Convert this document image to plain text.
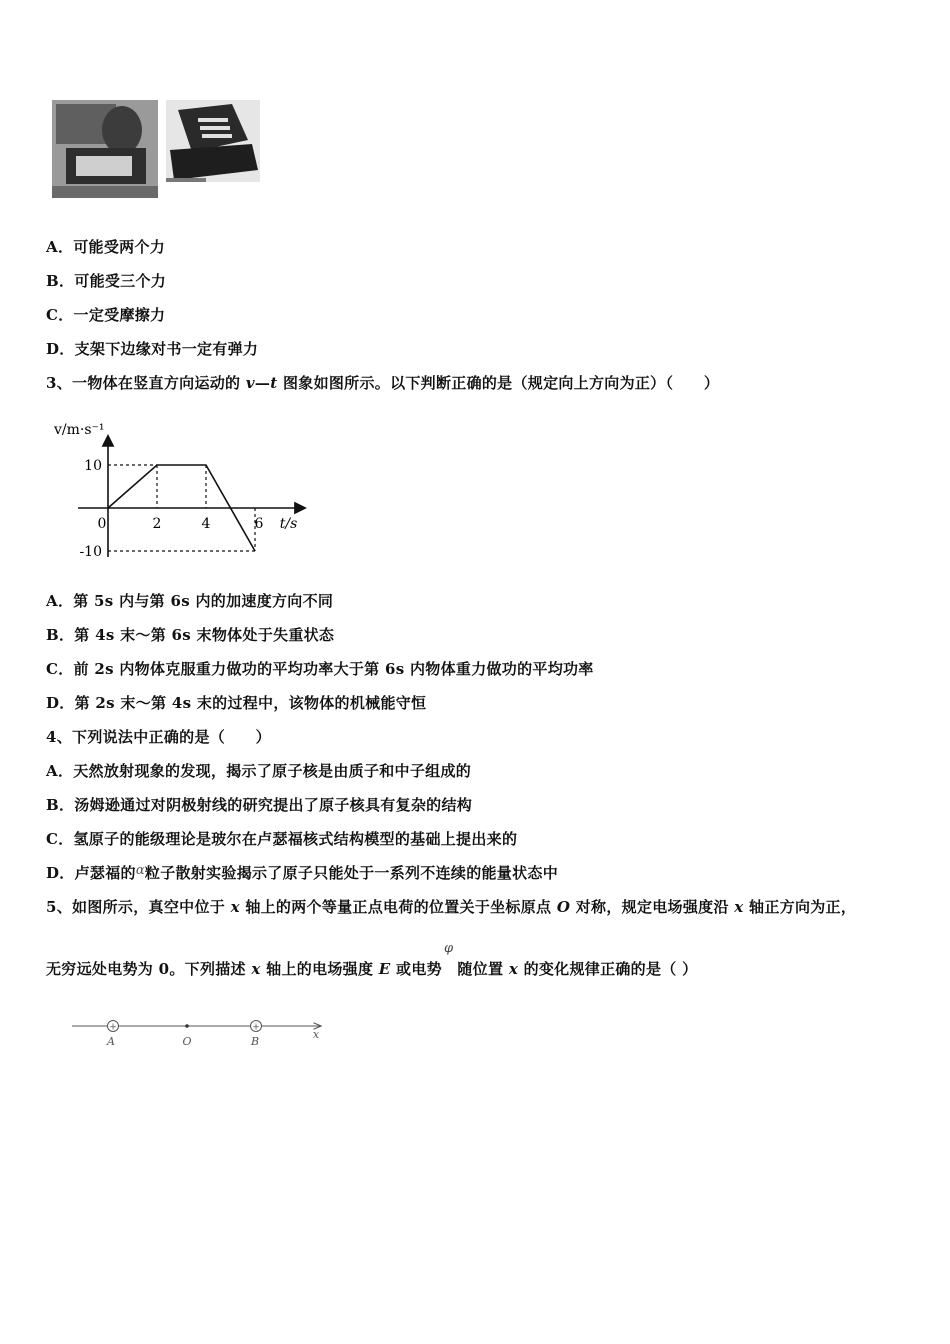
A．可能受两个力
B．可能受三个力
C．一定受摩擦力
D．支架下边缘对书一定有弹力
3、一物体在竖直方向运动的 v—t 图象如图所示。以下判断正确的是（规定向上方向为正）（　　）
v/m·s⁻¹
t/s
0	2	4	6
10
-10
A．第 5s 内与第 6s 内的加速度方向不同
B．第 4s 末～第 6s 末物体处于失重状态
C．前 2s 内物体克服重力做功的平均功率大于第 6s 内物体重力做功的平均功率
D．第 2s 末～第 4s 末的过程中，该物体的机械能守恒
4、下列说法中正确的是（　　）
A．天然放射现象的发现，揭示了原子核是由质子和中子组成的
B．汤姆逊通过对阴极射线的研究提出了原子核具有复杂的结构
C．氢原子的能级理论是玻尔在卢瑟福核式结构模型的基础上提出来的
D．卢瑟福的α粒子散射实验揭示了原子只能处于一系列不连续的能量状态中
5、如图所示，真空中位于 x 轴上的两个等量正点电荷的位置关于坐标原点 O 对称，规定电场强度沿 x 轴正方向为正，
无穷远处电势为 0。下列描述 x 轴上的电场强度 E 或电势φ随位置 x 的变化规律正确的是（ ）
+	+
A	O	B
x
